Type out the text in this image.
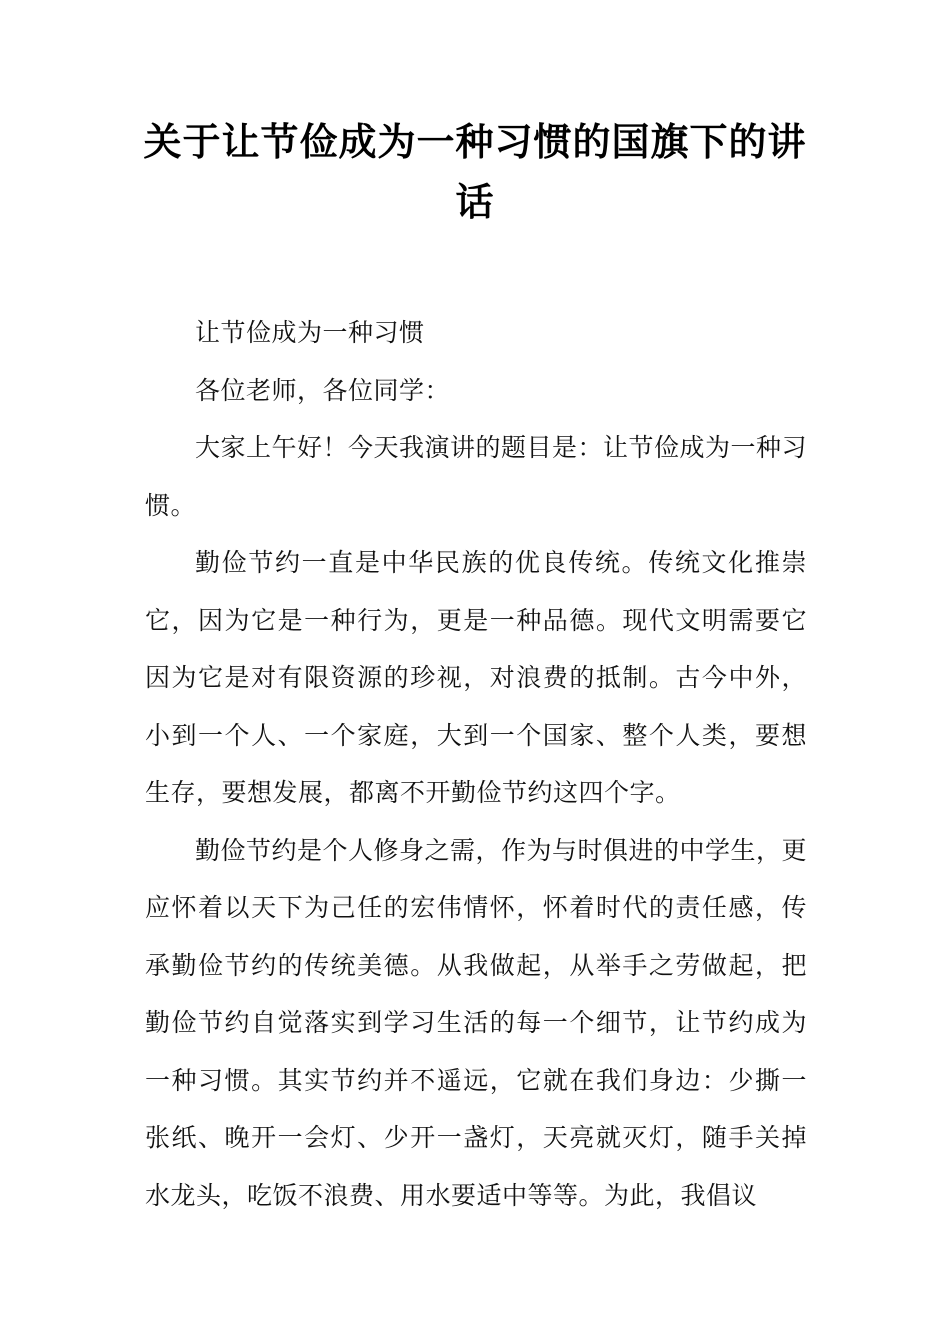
关于让节俭成为一种习惯的国旗下的讲话

让节俭成为一种习惯

各位老师，各位同学：

大家上午好！今天我演讲的题目是：让节俭成为一种习惯。

勤俭节约一直是中华民族的优良传统。传统文化推崇它，因为它是一种行为，更是一种品德。现代文明需要它因为它是对有限资源的珍视，对浪费的抵制。古今中外，小到一个人、一个家庭，大到一个国家、整个人类，要想生存，要想发展，都离不开勤俭节约这四个字。

勤俭节约是个人修身之需，作为与时俱进的中学生，更应怀着以天下为己任的宏伟情怀，怀着时代的责任感，传承勤俭节约的传统美德。从我做起，从举手之劳做起，把勤俭节约自觉落实到学习生活的每一个细节，让节约成为一种习惯。其实节约并不遥远，它就在我们身边：少撕一张纸、晚开一会灯、少开一盏灯，天亮就灭灯，随手关掉水龙头，吃饭不浪费、用水要适中等等。为此，我倡议
